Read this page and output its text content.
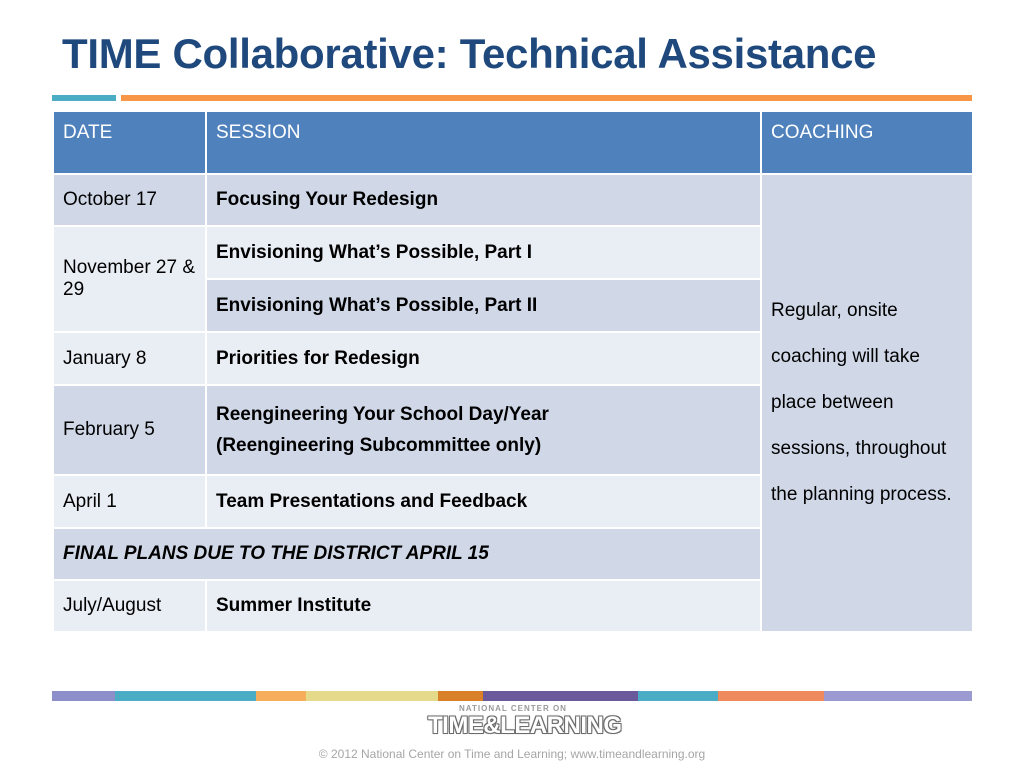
TIME Collaborative: Technical Assistance
DATE	SESSION	COACHING
October 17	Focusing Your Redesign	Regular, onsite coaching will take place between sessions, throughout the planning process.
November 27 & 29	Envisioning What’s Possible, Part I	
	Envisioning What’s Possible, Part II	
January 8	Priorities for Redesign	
February 5	Reengineering Your School Day/Year
(Reengineering Subcommittee only)	
April 1	Team Presentations and Feedback	
FINAL PLANS DUE TO THE DISTRICT APRIL 15		
July/August	Summer Institute	
NATIONAL CENTER ON
TIME&LEARNING
© 2012 National Center on Time and Learning; www.timeandlearning.org
